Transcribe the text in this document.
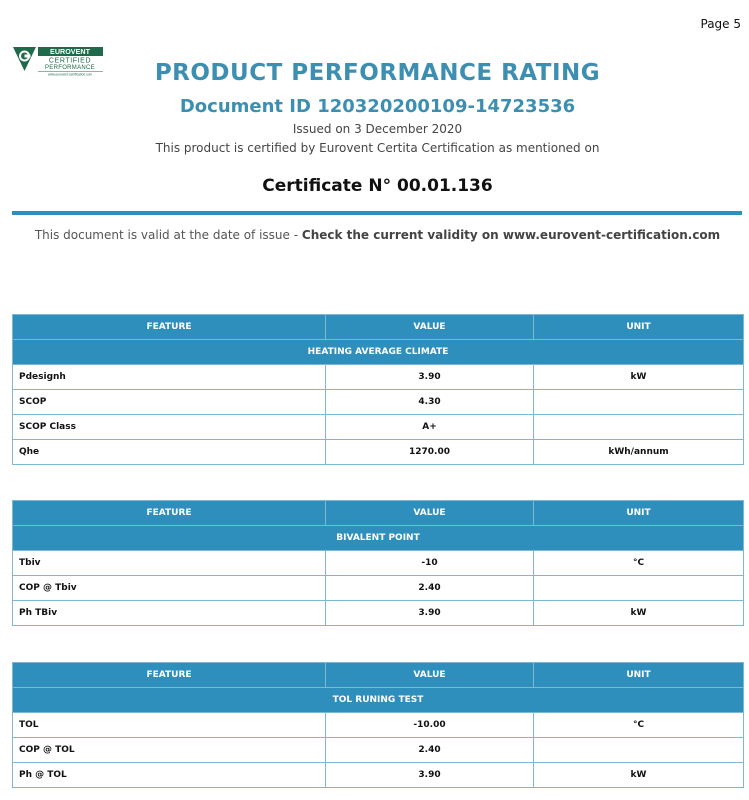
Page 5
EUROVENT
CERTIFIED
PERFORMANCE
www.eurovent-certification.com	PRODUCT PERFORMANCE RATING
Document ID 120320200109-14723536
Issued on 3 December 2020
This product is certified by Eurovent Certita Certification as mentioned on
Certificate N° 00.01.136
This document is valid at the date of issue - Check the current validity on www.eurovent-certification.com
FEATURE	VALUE	UNIT
HEATING AVERAGE CLIMATE		
Pdesignh	3.90	kW
SCOP	4.30	
SCOP Class	A+	
Qhe	1270.00	kWh/annum
FEATURE	VALUE	UNIT
BIVALENT POINT		
Tbiv	-10	°C
COP @ Tbiv	2.40	
Ph TBiv	3.90	kW
FEATURE	VALUE	UNIT
TOL RUNING TEST		
TOL	-10.00	°C
COP @ TOL	2.40	
Ph @ TOL	3.90	kW
